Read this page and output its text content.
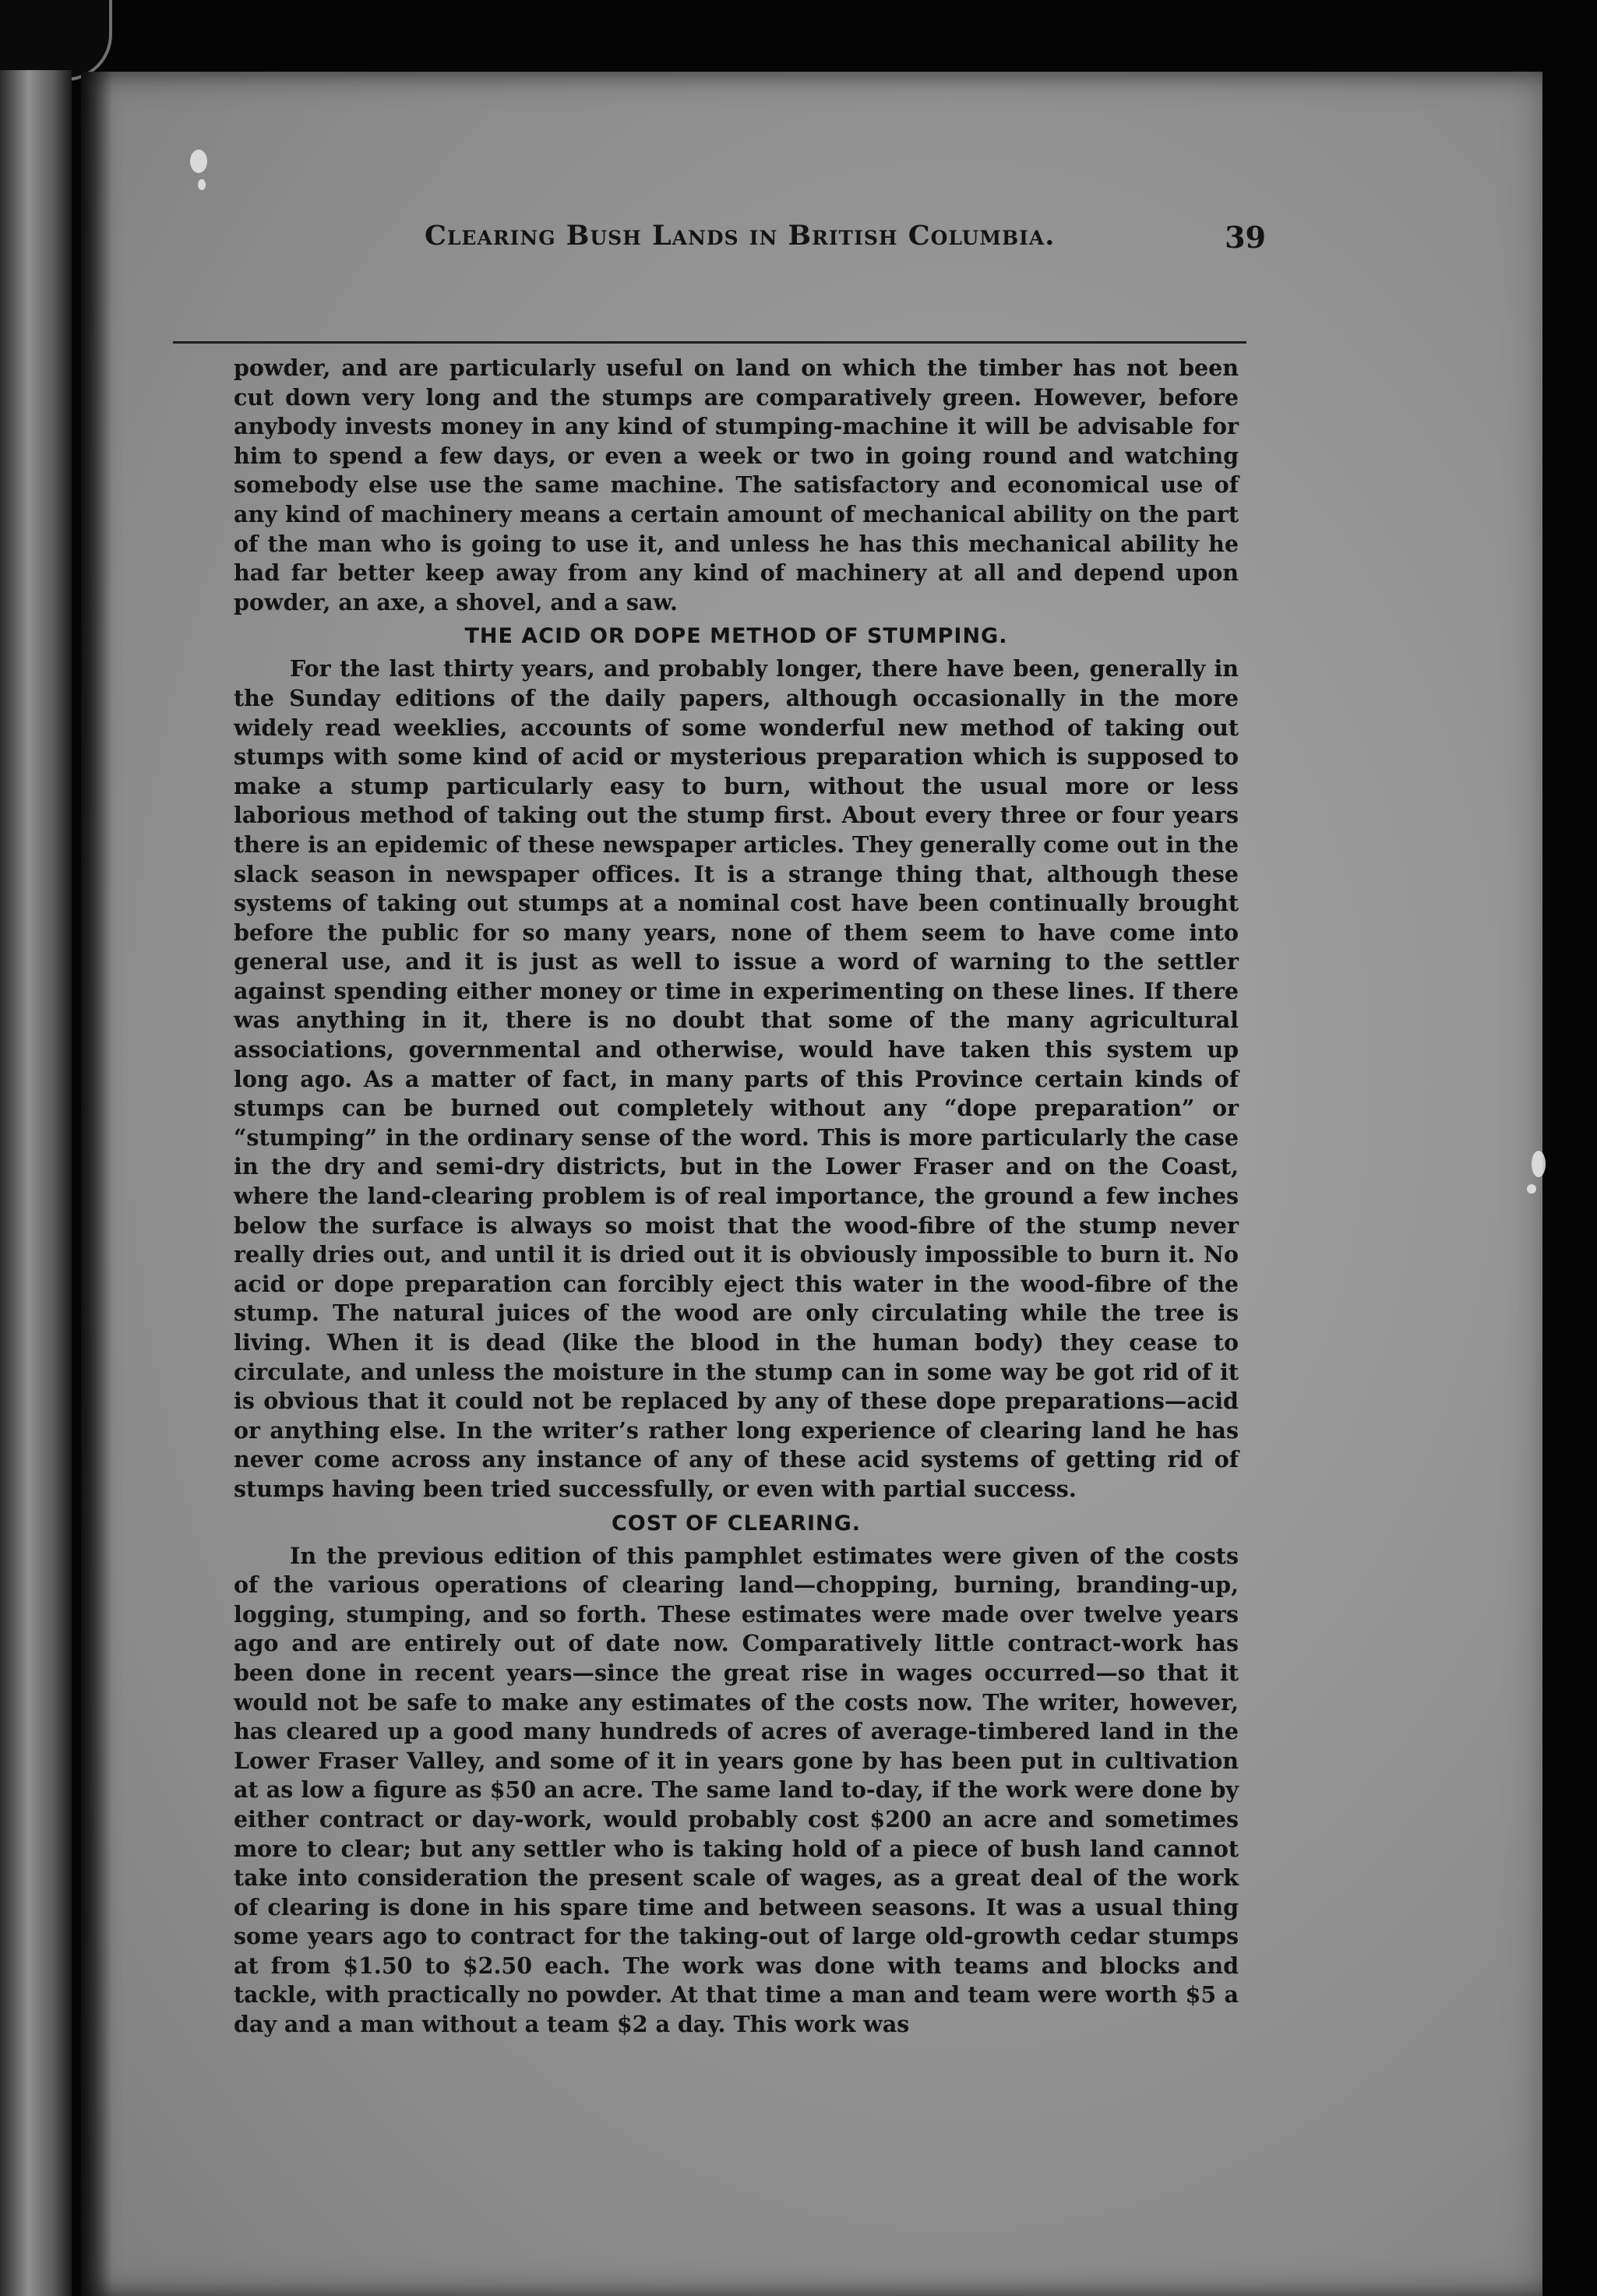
Clearing Bush Lands in British Columbia.	39

powder, and are particularly useful on land on which the timber has not been cut down very long and the stumps are comparatively green. However, before anybody invests money in any kind of stumping-machine it will be advisable for him to spend a few days, or even a week or two in going round and watching somebody else use the same machine. The satisfactory and economical use of any kind of machinery means a certain amount of mechanical ability on the part of the man who is going to use it, and unless he has this mechanical ability he had far better keep away from any kind of machinery at all and depend upon powder, an axe, a shovel, and a saw.

THE ACID OR DOPE METHOD OF STUMPING.

For the last thirty years, and probably longer, there have been, generally in the Sunday editions of the daily papers, although occasionally in the more widely read weeklies, accounts of some wonderful new method of taking out stumps with some kind of acid or mysterious preparation which is supposed to make a stump particularly easy to burn, without the usual more or less laborious method of taking out the stump first. About every three or four years there is an epidemic of these newspaper articles. They generally come out in the slack season in newspaper offices. It is a strange thing that, although these systems of taking out stumps at a nominal cost have been continually brought before the public for so many years, none of them seem to have come into general use, and it is just as well to issue a word of warning to the settler against spending either money or time in experimenting on these lines. If there was anything in it, there is no doubt that some of the many agricultural associations, governmental and otherwise, would have taken this system up long ago. As a matter of fact, in many parts of this Province certain kinds of stumps can be burned out completely without any “dope preparation” or “stumping” in the ordinary sense of the word. This is more particularly the case in the dry and semi-dry districts, but in the Lower Fraser and on the Coast, where the land-clearing problem is of real importance, the ground a few inches below the surface is always so moist that the wood-fibre of the stump never really dries out, and until it is dried out it is obviously impossible to burn it. No acid or dope preparation can forcibly eject this water in the wood-fibre of the stump. The natural juices of the wood are only circulating while the tree is living. When it is dead (like the blood in the human body) they cease to circulate, and unless the moisture in the stump can in some way be got rid of it is obvious that it could not be replaced by any of these dope preparations—acid or anything else. In the writer’s rather long experience of clearing land he has never come across any instance of any of these acid systems of getting rid of stumps having been tried successfully, or even with partial success.

COST OF CLEARING.

In the previous edition of this pamphlet estimates were given of the costs of the various operations of clearing land—chopping, burning, branding-up, logging, stumping, and so forth. These estimates were made over twelve years ago and are entirely out of date now. Comparatively little contract-work has been done in recent years—since the great rise in wages occurred—so that it would not be safe to make any estimates of the costs now. The writer, however, has cleared up a good many hundreds of acres of average-timbered land in the Lower Fraser Valley, and some of it in years gone by has been put in cultivation at as low a figure as $50 an acre. The same land to-day, if the work were done by either contract or day-work, would probably cost $200 an acre and sometimes more to clear; but any settler who is taking hold of a piece of bush land cannot take into consideration the present scale of wages, as a great deal of the work of clearing is done in his spare time and between seasons. It was a usual thing some years ago to contract for the taking-out of large old-growth cedar stumps at from $1.50 to $2.50 each. The work was done with teams and blocks and tackle, with practically no powder. At that time a man and team were worth $5 a day and a man without a team $2 a day. This work was
